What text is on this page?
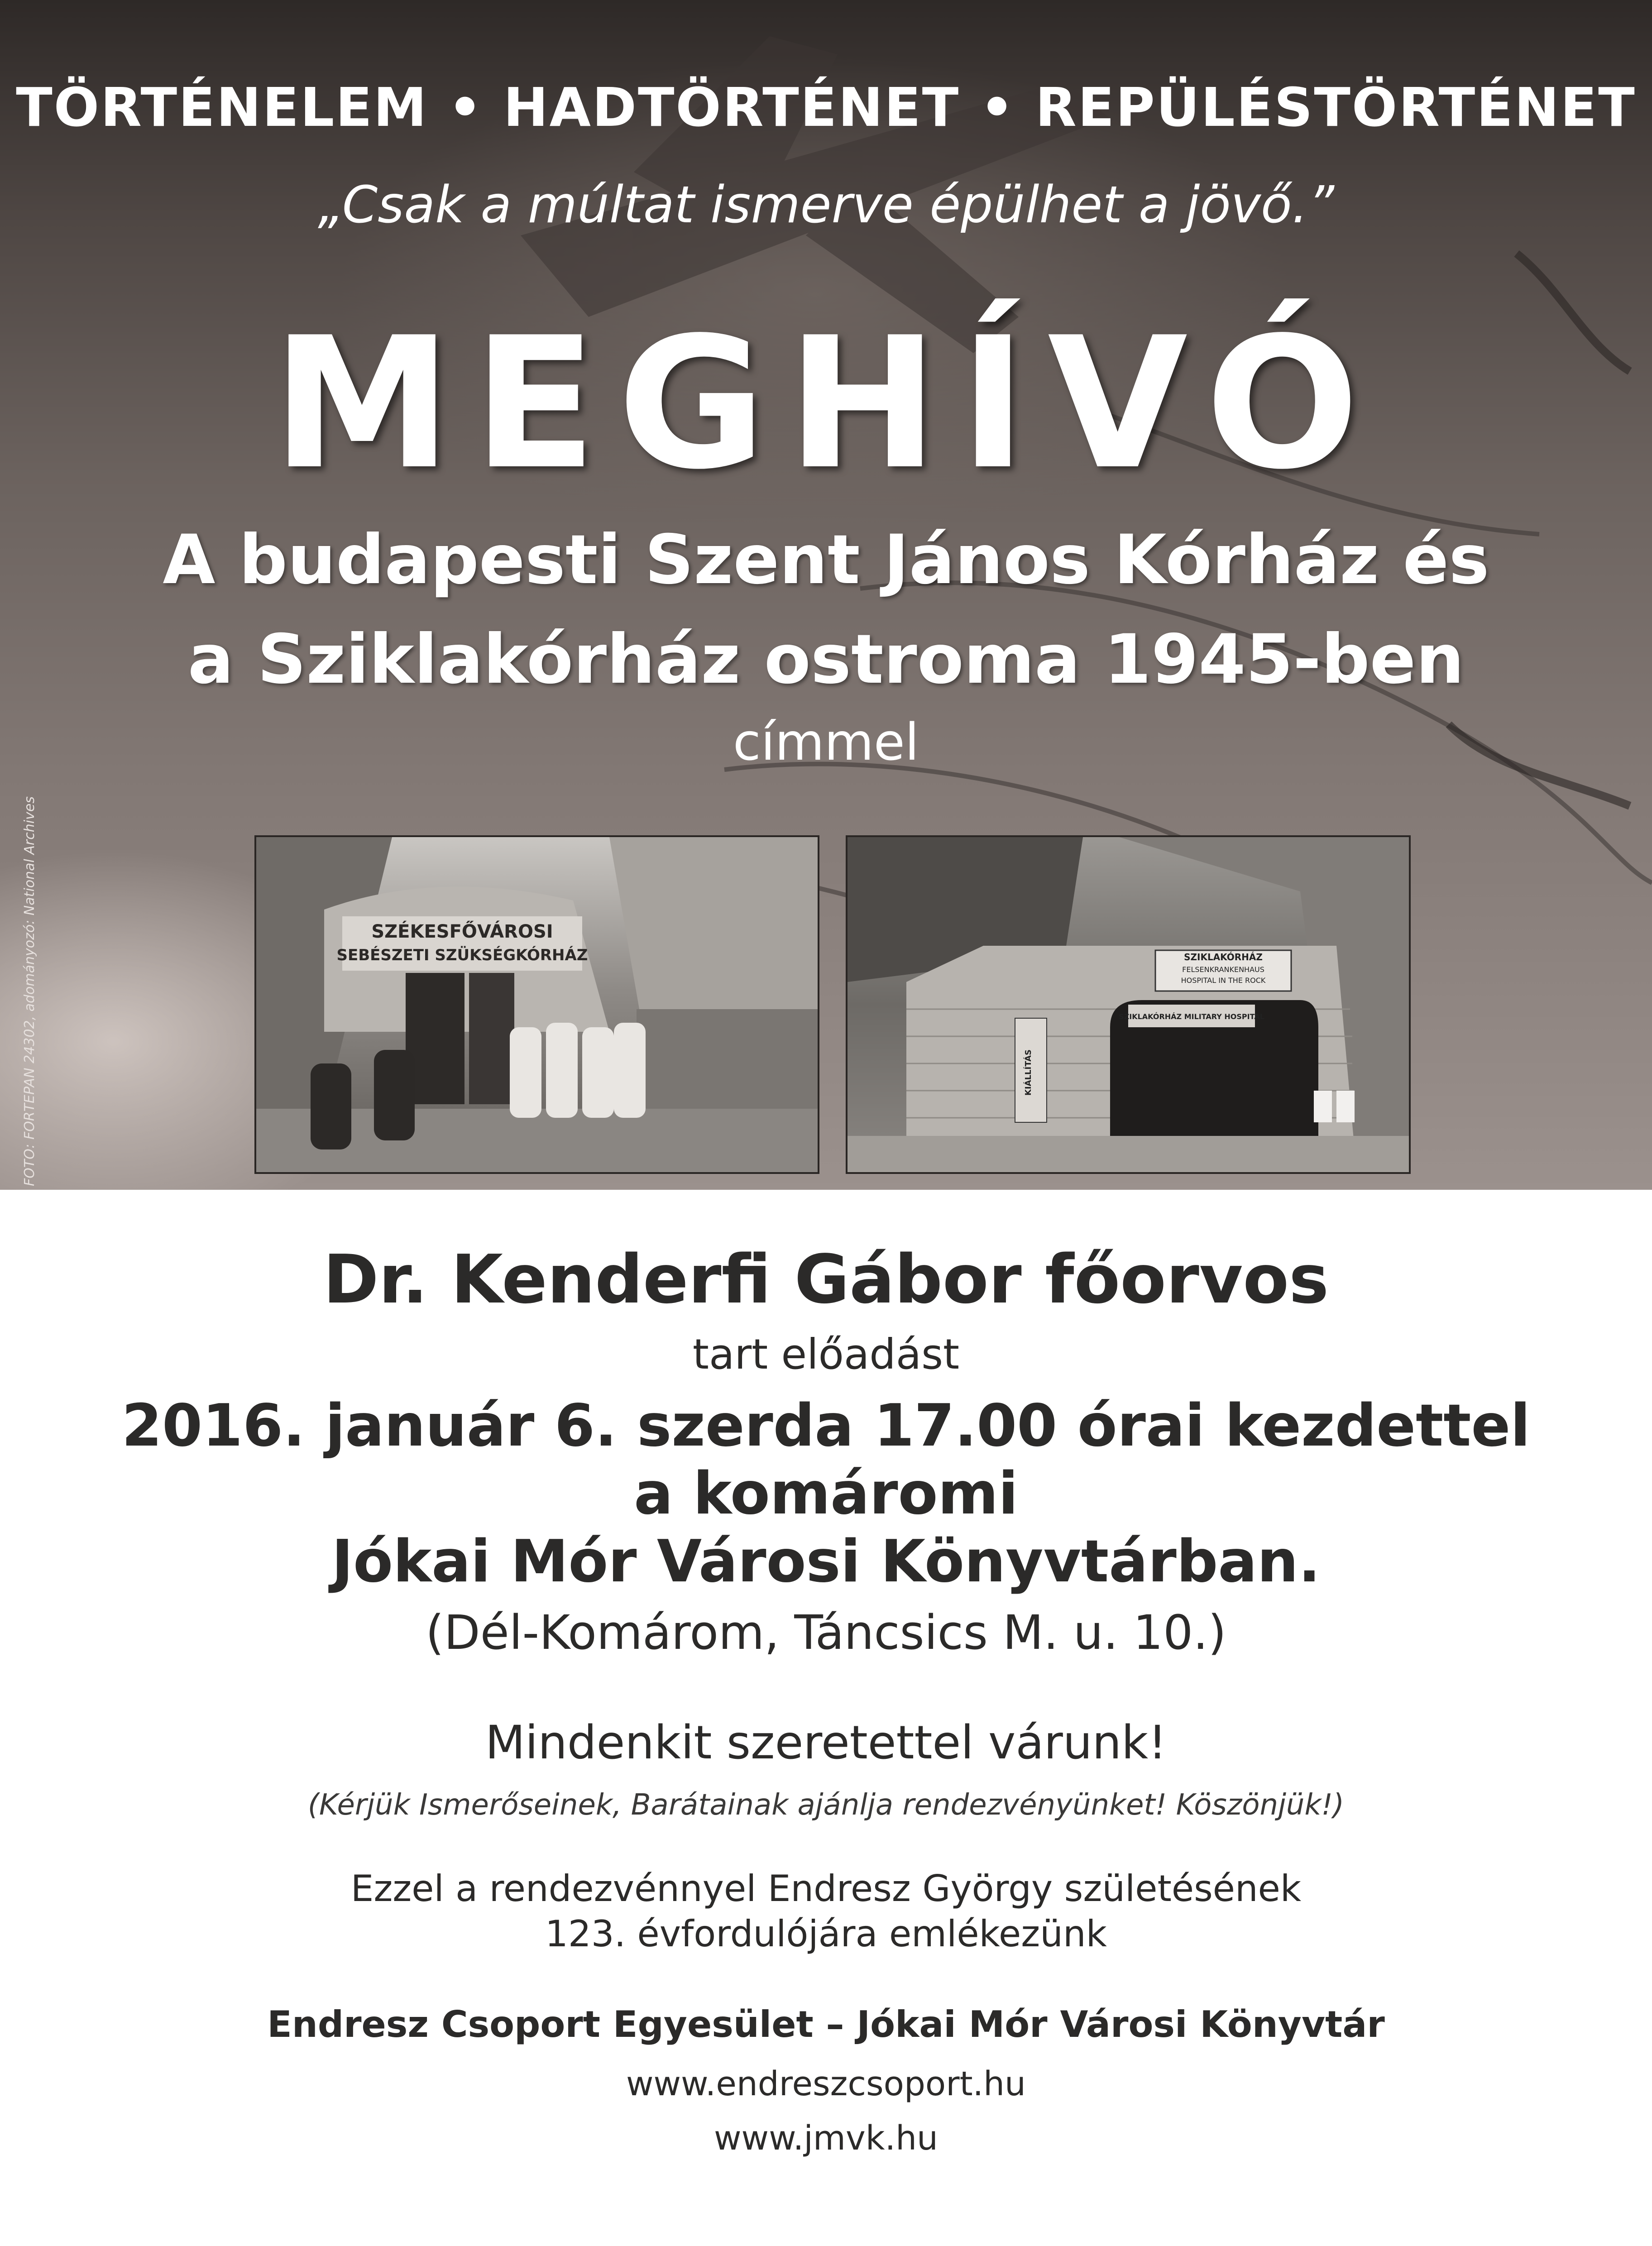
TÖRTÉNELEM • HADTÖRTÉNET • REPÜLÉSTÖRTÉNET
„Csak a múltat ismerve épülhet a jövő.”
MEGHÍVÓ
A budapesti Szent János Kórház és
a Sziklakórház ostroma 1945-ben
címmel
FOTO: FORTEPAN 24302, adományozó: National Archives	SZÉKESFŐVÁROSI
SEBÉSZETI SZÜKSÉGKÓRHÁZ	SZIKLAKÓRHÁZ
FELSENKRANKENHAUS
HOSPITAL IN THE ROCK
SZIKLAKÓRHÁZ MILITARY HOSPITAL
KIÁLLÍTÁS
Dr. Kenderfi Gábor főorvos
tart előadást
2016. január 6. szerda 17.00 órai kezdettel
a komáromi
Jókai Mór Városi Könyvtárban.
(Dél-Komárom, Táncsics M. u. 10.)
Mindenkit szeretettel várunk!
(Kérjük Ismerőseinek, Barátainak ajánlja rendezvényünket! Köszönjük!)
Ezzel a rendezvénnyel Endresz György születésének
123. évfordulójára emlékezünk
Endresz Csoport Egyesület – Jókai Mór Városi Könyvtár
www.endreszcsoport.hu
www.jmvk.hu
